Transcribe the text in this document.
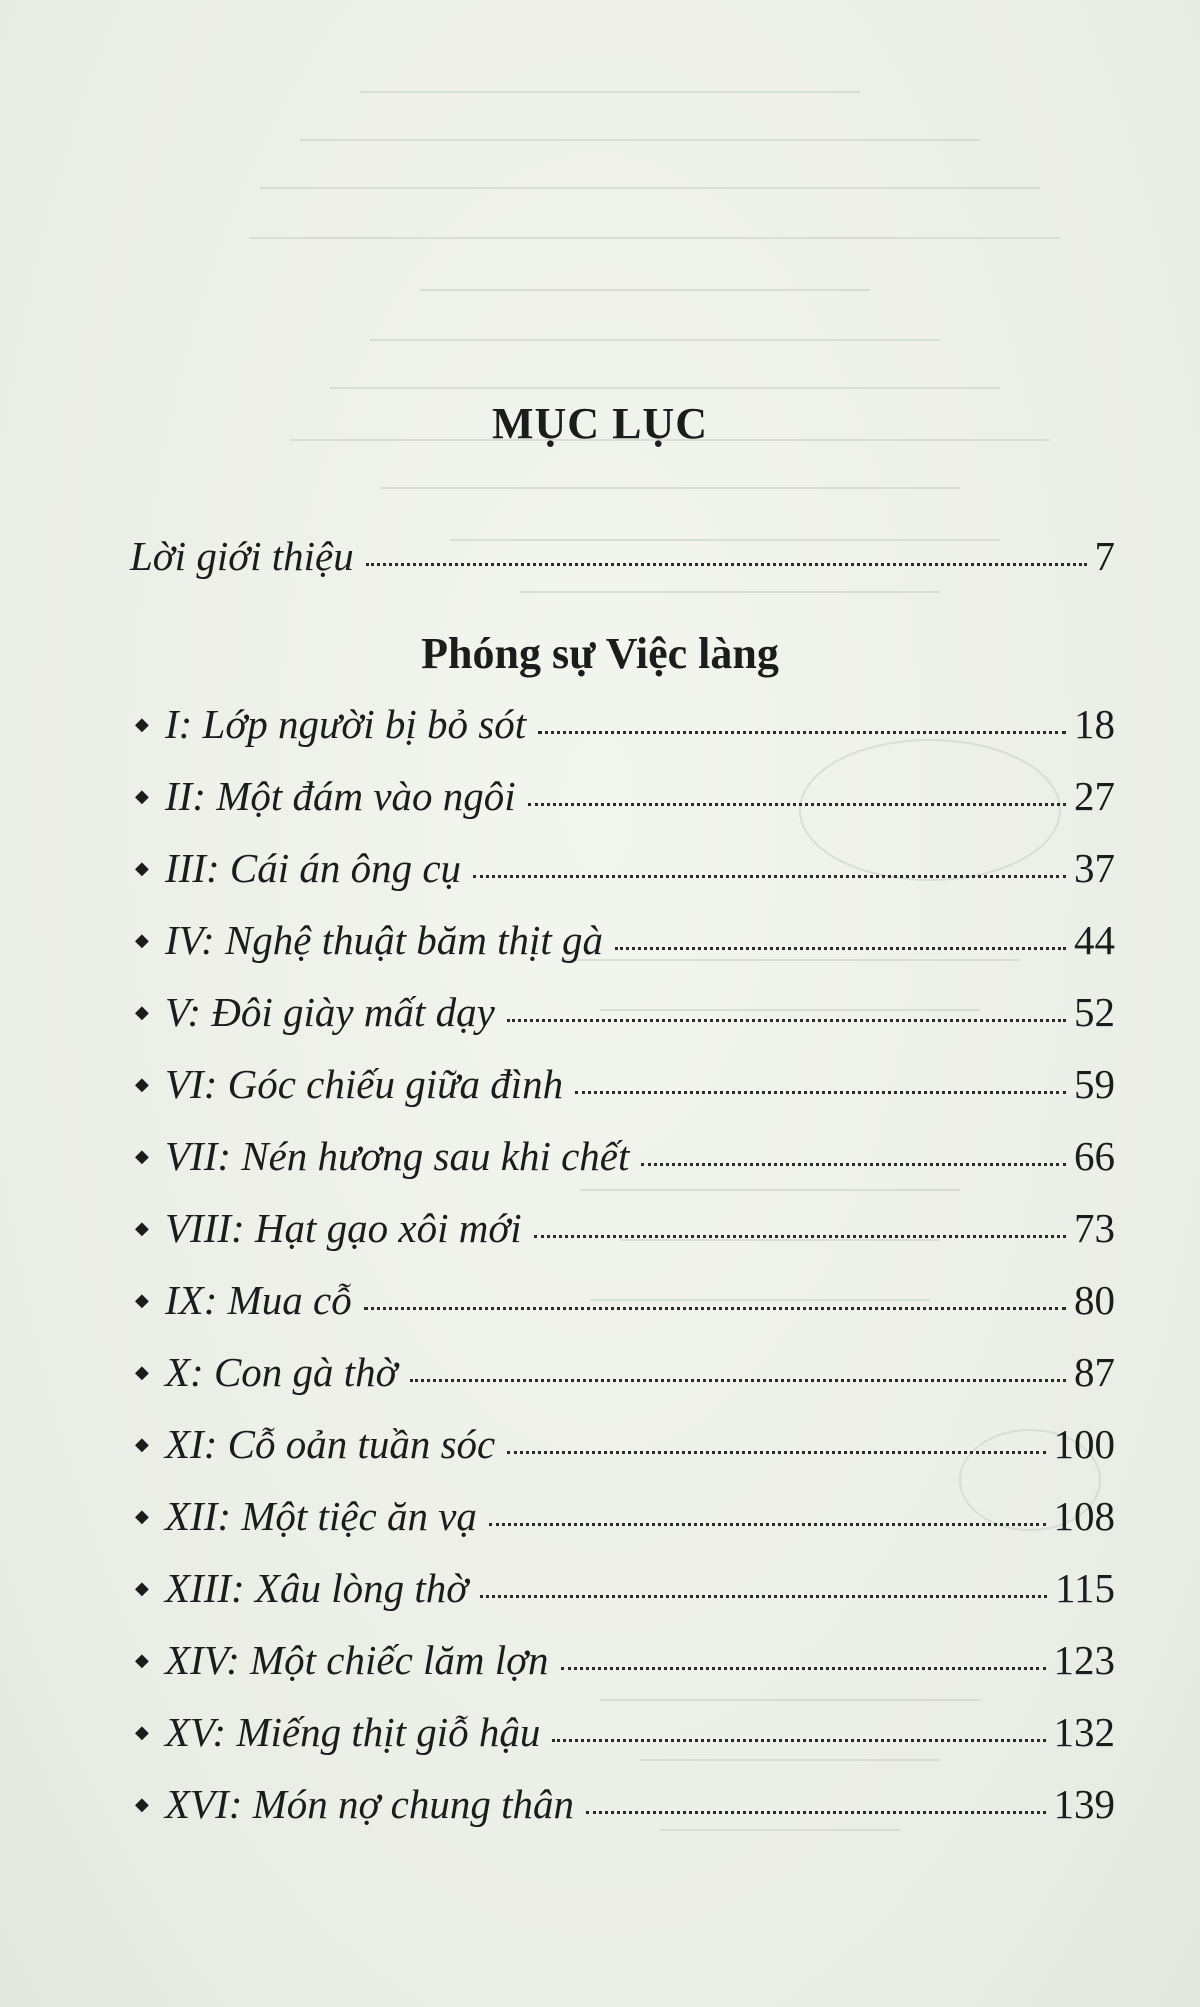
MỤC LỤC
Lời giới thiệu	7
Phóng sự Việc làng
◆ I: Lớp người bị bỏ sót	18
◆ II: Một đám vào ngôi	27
◆ III: Cái án ông cụ	37
◆ IV: Nghệ thuật băm thịt gà	44
◆ V: Đôi giày mất dạy	52
◆ VI: Góc chiếu giữa đình	59
◆ VII: Nén hương sau khi chết	66
◆ VIII: Hạt gạo xôi mới	73
◆ IX: Mua cỗ	80
◆ X: Con gà thờ	87
◆ XI: Cỗ oản tuần sóc	100
◆ XII: Một tiệc ăn vạ	108
◆ XIII: Xâu lòng thờ	115
◆ XIV: Một chiếc lăm lợn	123
◆ XV: Miếng thịt giỗ hậu	132
◆ XVI: Món nợ chung thân	139
